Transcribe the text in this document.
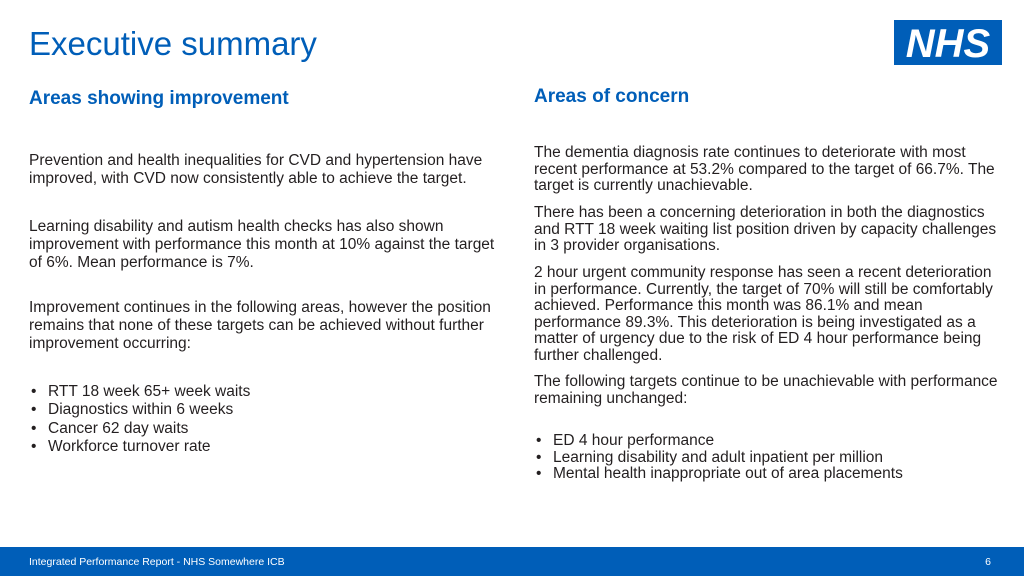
Executive summary	NHS
Areas showing improvement

Prevention and health inequalities for CVD and hypertension have improved, with CVD now consistently able to achieve the target.

Learning disability and autism health checks has also shown improvement with performance this month at 10% against the target of 6%. Mean performance is 7%.

Improvement continues in the following areas, however the position remains that none of these targets can be achieved without further improvement occurring:

• RTT 18 week 65+ week waits
• Diagnostics within 6 weeks
• Cancer 62 day waits
• Workforce turnover rate
Areas of concern

The dementia diagnosis rate continues to deteriorate with most recent performance at 53.2% compared to the target of 66.7%. The target is currently unachievable.

There has been a concerning deterioration in both the diagnostics and RTT 18 week waiting list position driven by capacity challenges in 3 provider organisations.

2 hour urgent community response has seen a recent deterioration in performance. Currently, the target of 70% will still be comfortably achieved. Performance this month was 86.1% and mean performance 89.3%. This deterioration is being investigated as a matter of urgency due to the risk of ED 4 hour performance being further challenged.

The following targets continue to be unachievable with performance remaining unchanged:

• ED 4 hour performance
• Learning disability and adult inpatient per million
• Mental health inappropriate out of area placements
Integrated Performance Report - NHS Somewhere ICB	6
